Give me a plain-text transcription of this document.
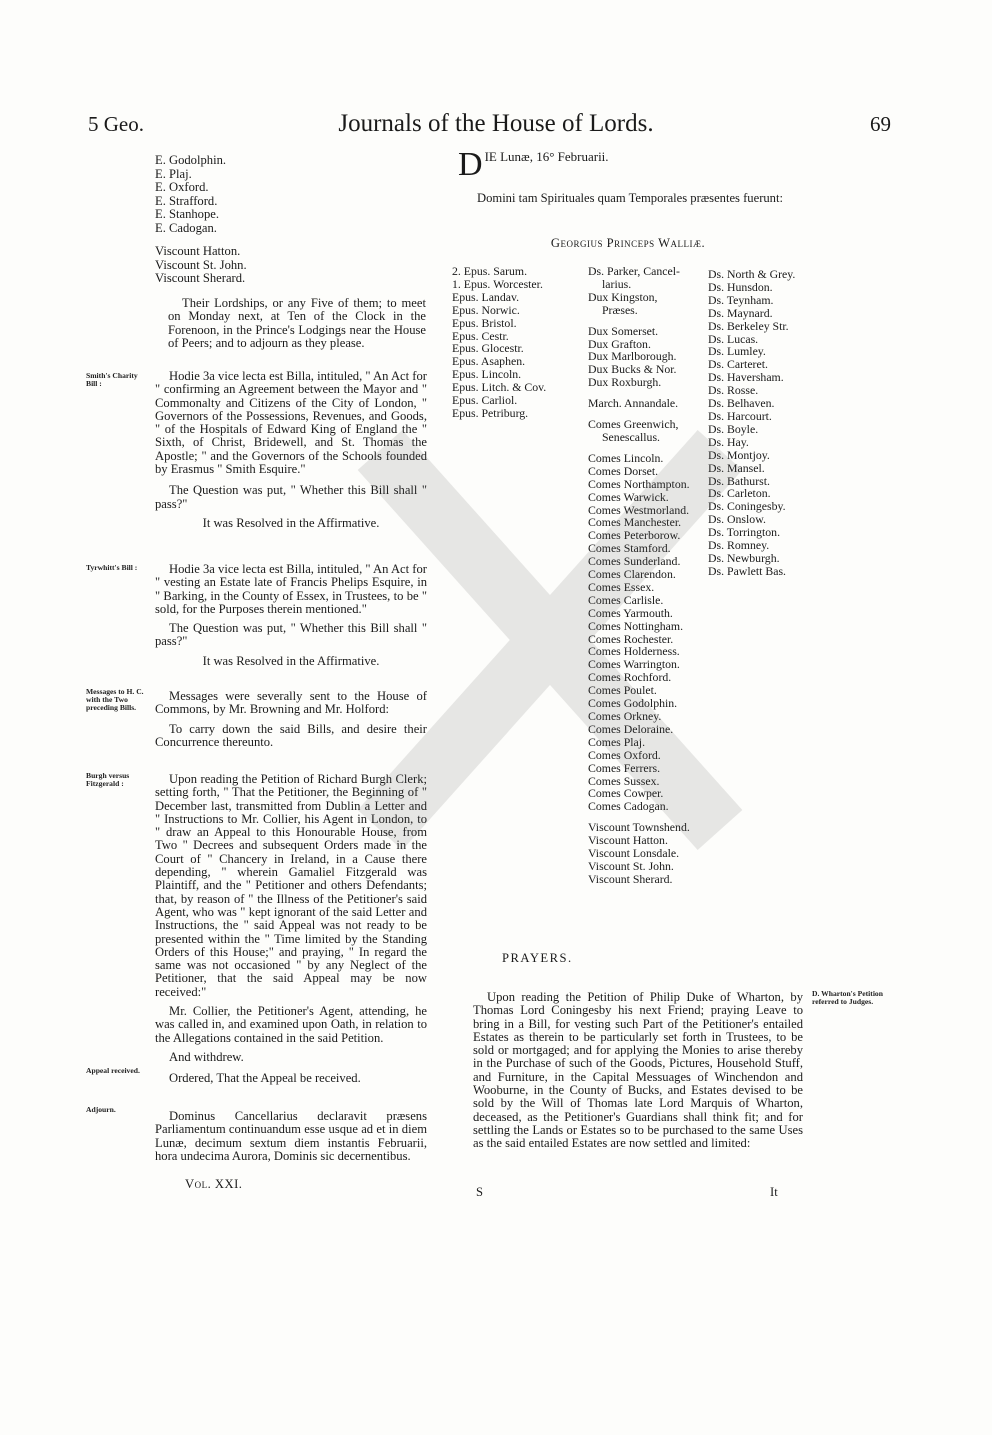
5 Geo.	Journals of the House of Lords.	69
E. Godolphin.
E. Plaj.
E. Oxford.
E. Strafford.
E. Stanhope.
E. Cadogan.
Viscount Hatton.
Viscount St. John.
Viscount Sherard.
Their Lordships, or any Five of them; to meet on Monday next, at Ten of the Clock in the Forenoon, in the Prince's Lodgings near the House of Peers; and to adjourn as they please.
Smith's Charity Bill :

Hodie 3a vice lecta est Billa, intituled, " An Act for " confirming an Agreement between the Mayor and " Commonalty and Citizens of the City of London, " Governors of the Possessions, Revenues, and Goods, " of the Hospitals of Edward King of England the " Sixth, of Christ, Bridewell, and St. Thomas the Apostle; " and the Governors of the Schools founded by Erasmus " Smith Esquire."

The Question was put, " Whether this Bill shall " pass?"

It was Resolved in the Affirmative.

Tyrwhitt's Bill :	Hodie 3a vice lecta est Billa, intituled, " An Act for " vesting an Estate late of Francis Phelips Esquire, in " Barking, in the County of Essex, in Trustees, to be " sold, for the Purposes therein mentioned."

The Question was put, " Whether this Bill shall " pass?"

It was Resolved in the Affirmative.

Messages to H. C. with the Two preceding Bills.

Messages were severally sent to the House of Commons, by Mr. Browning and Mr. Holford:

To carry down the said Bills, and desire their Concurrence thereunto.

Burgh versus Fitzgerald :	Upon reading the Petition of Richard Burgh Clerk; setting forth, " That the Petitioner, the Beginning of " December last, transmitted from Dublin a Letter and " Instructions to Mr. Collier, his Agent in London, to " draw an Appeal to this Honourable House, from Two " Decrees and subsequent Orders made in the Court of " Chancery in Ireland, in a Cause there depending, " wherein Gamaliel Fitzgerald was Plaintiff, and the " Petitioner and others Defendants; that, by reason of " the Illness of the Petitioner's said Agent, who was " kept ignorant of the said Letter and Instructions, the " said Appeal was not ready to be presented within the " Time limited by the Standing Orders of this House;" and praying, " In regard the same was not occasioned " by any Neglect of the Petitioner, that the said Appeal may be now received:"

Mr. Collier, the Petitioner's Agent, attending, he was called in, and examined upon Oath, in relation to the Allegations contained in the said Petition.

And withdrew.

Appeal received.
Ordered, That the Appeal be received.
Adjourn.	Dominus Cancellarius declaravit præsens Parliamentum continuandum esse usque ad et in diem Lunæ, decimum sextum diem instantis Februarii, hora undecima Aurora, Dominis sic decernentibus.
Vol. XXI.
D IE Lunæ, 16° Februarii.
Domini tam Spirituales quam Temporales præsentes fuerunt:
Georgius Princeps Walliæ.
2. Epus. Sarum.
1. Epus. Worcester.
Epus. Landav.
Epus. Norwic.
Epus. Bristol.
Epus. Cestr.
Epus. Glocestr.
Epus. Asaphen.
Epus. Lincoln.
Epus. Litch. & Cov.
Epus. Carliol.
Epus. Petriburg.
Ds. Parker, Cancel-
larius.
Dux Kingston,
Præses.
Dux Somerset.
Dux Grafton.
Dux Marlborough.
Dux Bucks & Nor.
Dux Roxburgh.
March. Annandale.
Comes Greenwich,
Senescallus.
Comes Lincoln.
Comes Dorset.
Comes Northampton.
Comes Warwick.
Comes Westmorland.
Comes Manchester.
Comes Peterborow.
Comes Stamford.
Comes Sunderland.
Comes Clarendon.
Comes Essex.
Comes Carlisle.
Comes Yarmouth.
Comes Nottingham.
Comes Rochester.
Comes Holderness.
Comes Warrington.
Comes Rochford.
Comes Poulet.
Comes Godolphin.
Comes Orkney.
Comes Deloraine.
Comes Plaj.
Comes Oxford.
Comes Ferrers.
Comes Sussex.
Comes Cowper.
Comes Cadogan.
Viscount Townshend.
Viscount Hatton.
Viscount Lonsdale.
Viscount St. John.
Viscount Sherard.
Ds. North & Grey.
Ds. Hunsdon.
Ds. Teynham.
Ds. Maynard.
Ds. Berkeley Str.
Ds. Lucas.
Ds. Lumley.
Ds. Carteret.
Ds. Haversham.
Ds. Rosse.
Ds. Belhaven.
Ds. Harcourt.
Ds. Boyle.
Ds. Hay.
Ds. Montjoy.
Ds. Mansel.
Ds. Bathurst.
Ds. Carleton.
Ds. Coningesby.
Ds. Onslow.
Ds. Torrington.
Ds. Romney.
Ds. Newburgh.
Ds. Pawlett Bas.
PRAYERS.
D. Wharton's Petition referred to Judges.
Upon reading the Petition of Philip Duke of Wharton, by Thomas Lord Coningesby his next Friend; praying Leave to bring in a Bill, for vesting such Part of the Petitioner's entailed Estates as therein to be particularly set forth in Trustees, to be sold or mortgaged; and for applying the Monies to arise thereby in the Purchase of such of the Goods, Pictures, Household Stuff, and Furniture, in the Capital Messuages of Winchendon and Wooburne, in the County of Bucks, and Estates devised to be sold by the Will of Thomas late Lord Marquis of Wharton, deceased, as the Petitioner's Guardians shall think fit; and for settling the Lands or Estates so to be purchased to the same Uses as the said entailed Estates are now settled and limited:
S	It
